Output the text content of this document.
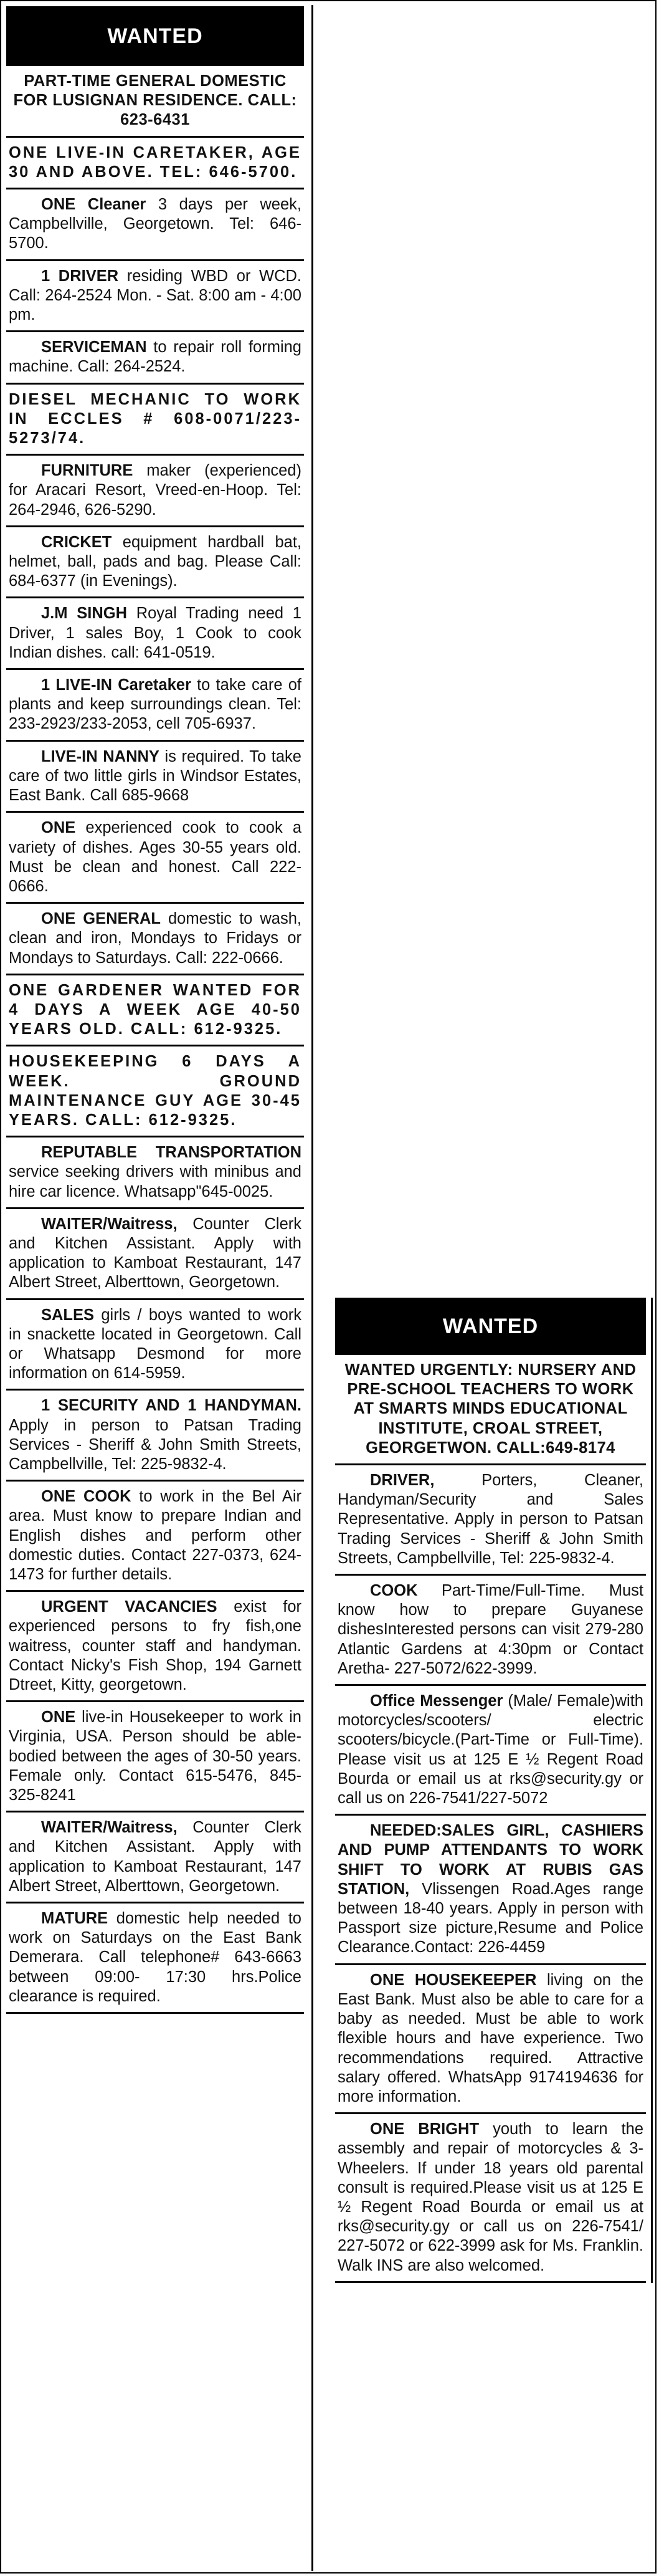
WANTED

PART-TIME GENERAL DOMESTIC FOR LUSIGNAN RESIDENCE. CALL: 623-6431

ONE LIVE-IN CARETAKER, AGE 30 AND ABOVE. TEL: 646-5700.

ONE Cleaner 3 days per week, Campbellville, Georgetown. Tel: 646-5700.

1 DRIVER residing WBD or WCD. Call: 264-2524 Mon. - Sat. 8:00 am - 4:00 pm.

SERVICEMAN to repair roll forming machine. Call: 264-2524.

DIESEL MECHANIC TO WORK IN ECCLES # 608-0071/223-5273/74.

FURNITURE maker (experienced) for Aracari Resort, Vreed-en-Hoop. Tel: 264-2946, 626-5290.

CRICKET equipment hardball bat, helmet, ball, pads and bag. Please Call: 684-6377 (in Evenings).

J.M SINGH Royal Trading need 1 Driver, 1 sales Boy, 1 Cook to cook Indian dishes. call: 641-0519.

1 LIVE-IN Caretaker to take care of plants and keep surroundings clean. Tel: 233-2923/233-2053, cell 705-6937.

LIVE-IN NANNY is required. To take care of two little girls in Windsor Estates, East Bank. Call 685-9668

ONE experienced cook to cook a variety of dishes. Ages 30-55 years old. Must be clean and honest. Call 222-0666.

ONE GENERAL domestic to wash, clean and iron, Mondays to Fridays or Mondays to Saturdays. Call: 222-0666.

ONE GARDENER WANTED FOR 4 DAYS A WEEK AGE 40-50 YEARS OLD. CALL: 612-9325.

HOUSEKEEPING 6 DAYS A WEEK. GROUND MAINTENANCE GUY AGE 30-45 YEARS. CALL: 612-9325.

REPUTABLE TRANSPORTATION service seeking drivers with minibus and hire car licence. Whatsapp"645-0025.

WAITER/Waitress, Counter Clerk and Kitchen Assistant. Apply with application to Kamboat Restaurant, 147 Albert Street, Alberttown, Georgetown.

SALES girls / boys wanted to work in snackette located in Georgetown. Call or Whatsapp Desmond for more information on 614-5959.

1 SECURITY AND 1 HANDYMAN. Apply in person to Patsan Trading Services - Sheriff & John Smith Streets, Campbellville, Tel: 225-9832-4.

ONE COOK to work in the Bel Air area. Must know to prepare Indian and English dishes and perform other domestic duties. Contact 227-0373, 624-1473 for further details.

URGENT VACANCIES exist for experienced persons to fry fish,one waitress, counter staff and handyman. Contact Nicky's Fish Shop, 194 Garnett Dtreet, Kitty, georgetown.

ONE live-in Housekeeper to work in Virginia, USA. Person should be able-bodied between the ages of 30-50 years. Female only. Contact 615-5476, 845-325-8241

WAITER/Waitress, Counter Clerk and Kitchen Assistant. Apply with application to Kamboat Restaurant, 147 Albert Street, Alberttown, Georgetown.

MATURE domestic help needed to work on Saturdays on the East Bank Demerara. Call telephone# 643-6663 between 09:00- 17:30 hrs.Police clearance is required.

WANTED

WANTED URGENTLY: NURSERY AND PRE-SCHOOL TEACHERS TO WORK AT SMARTS MINDS EDUCATIONAL INSTITUTE, CROAL STREET, GEORGETWON. CALL:649-8174

DRIVER, Porters, Cleaner, Handyman/Security and Sales Representative. Apply in person to Patsan Trading Services - Sheriff & John Smith Streets, Campbellville, Tel: 225-9832-4.

COOK Part-Time/Full-Time. Must know how to prepare Guyanese dishesInterested persons can visit 279-280 Atlantic Gardens at 4:30pm or Contact Aretha- 227-5072/622-3999.

Office Messenger (Male/ Female)with motorcycles/scooters/ electric scooters/bicycle.(Part-Time or Full-Time). Please visit us at 125 E ½ Regent Road Bourda or email us at rks@security.gy or call us on 226-7541/227-5072

NEEDED:SALES GIRL, CASHIERS AND PUMP ATTENDANTS TO WORK SHIFT TO WORK AT RUBIS GAS STATION, Vlissengen Road.Ages range between 18-40 years. Apply in person with Passport size picture,Resume and Police Clearance.Contact: 226-4459

ONE HOUSEKEEPER living on the East Bank. Must also be able to care for a baby as needed. Must be able to work flexible hours and have experience. Two recommendations required. Attractive salary offered. WhatsApp 9174194636 for more information.

ONE BRIGHT youth to learn the assembly and repair of motorcycles & 3-Wheelers. If under 18 years old parental consult is required.Please visit us at 125 E ½ Regent Road Bourda or email us at rks@security.gy or call us on 226-7541/ 227-5072 or 622-3999 ask for Ms. Franklin. Walk INS are also welcomed.
